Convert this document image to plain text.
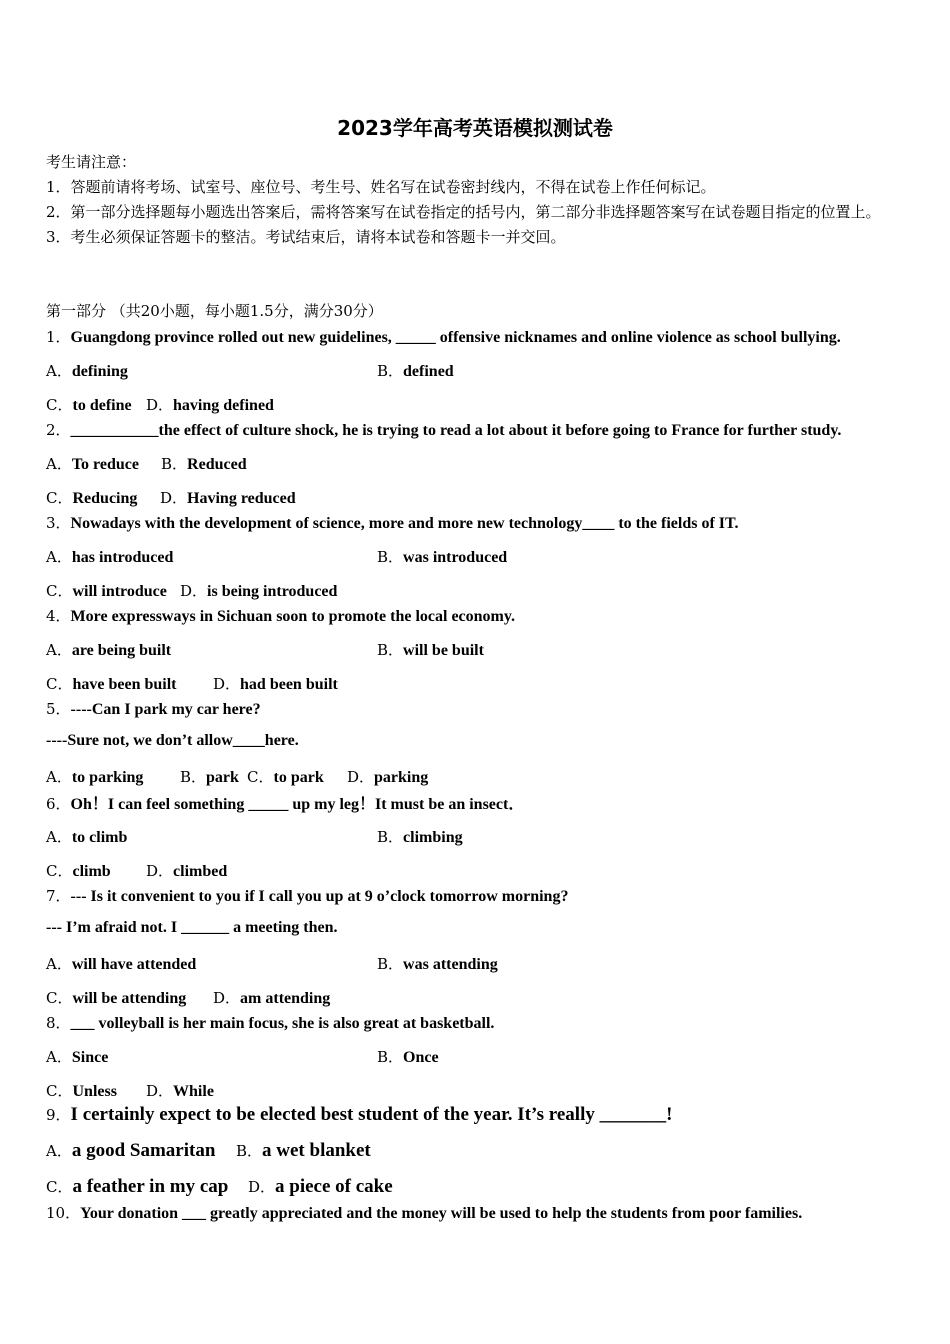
2023学年高考英语模拟测试卷
考生请注意：
1．答题前请将考场、试室号、座位号、考生号、姓名写在试卷密封线内，不得在试卷上作任何标记。
2．第一部分选择题每小题选出答案后，需将答案写在试卷指定的括号内，第二部分非选择题答案写在试卷题目指定的位置上。
3．考生必须保证答题卡的整洁。考试结束后，请将本试卷和答题卡一并交回。
第一部分 （共20小题，每小题1.5分，满分30分）
1．Guangdong province rolled out new guidelines, _____ offensive nicknames and online violence as school bullying.
A．defining	B．defined
C．to define D．having defined
2．___________the effect of culture shock, he is trying to read a lot about it before going to France for further study.
A．To reduce B．Reduced
C．Reducing D．Having reduced
3．Nowadays with the development of science, more and more new technology____ to the fields of IT.
A．has introduced	B．was introduced
C．will introduce D．is being introduced
4．More expressways in Sichuan soon to promote the local economy.
A．are being built	B．will be built
C．have been built D．had been built
5．----Can I park my car here?
----Sure not, we don’t allow____here.
A．to parking B．park C．to park D．parking
6．Oh！I can feel something _____ up my leg！It must be an insect．
A．to climb	B．climbing
C．climb D．climbed
7．--- Is it convenient to you if I call you up at 9 o’clock tomorrow morning?
--- I’m afraid not. I ______ a meeting then.
A．will have attended	B．was attending
C．will be attending D．am attending
8．___ volleyball is her main focus, she is also great at basketball.
A．Since	B．Once
C．Unless D．While
9．I certainly expect to be elected best student of the year. It’s really _______!
A．a good Samaritan B．a wet blanket
C．a feather in my cap D．a piece of cake
10．Your donation ___ greatly appreciated and the money will be used to help the students from poor families.
